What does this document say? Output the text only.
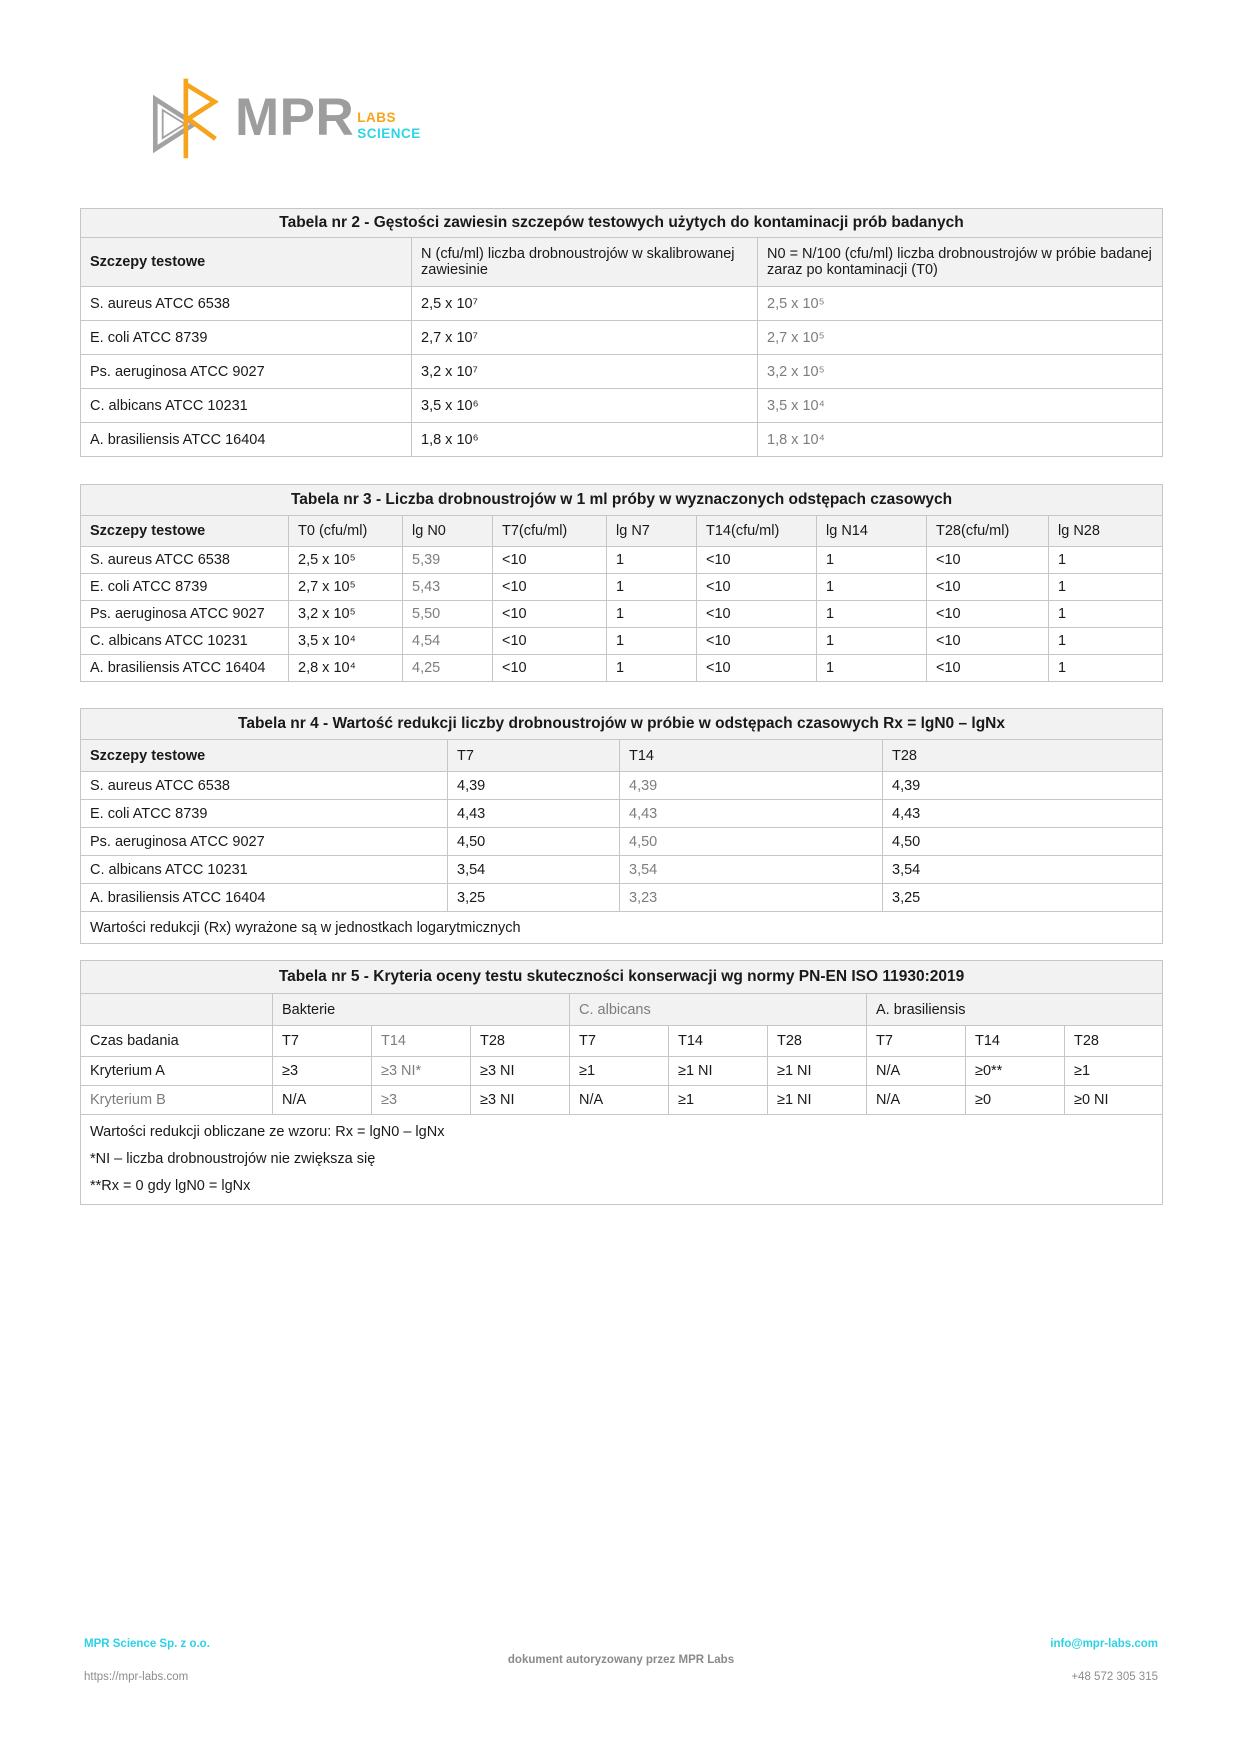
MPR LABS
SCIENCE
Tabela nr 2 - Gęstości zawiesin szczepów testowych użytych do kontaminacji prób badanych		
Szczepy testowe	N (cfu/ml) liczba drobnoustrojów w skalibrowanej zawiesinie	N0 = N/100 (cfu/ml) liczba drobnoustrojów w próbie badanej zaraz po kontaminacji (T0)
S. aureus ATCC 6538	2,5 x 10⁷	2,5 x 10⁵
E. coli ATCC 8739	2,7 x 10⁷	2,7 x 10⁵
Ps. aeruginosa ATCC 9027	3,2 x 10⁷	3,2 x 10⁵
C. albicans ATCC 10231	3,5 x 10⁶	3,5 x 10⁴
A. brasiliensis ATCC 16404	1,8 x 10⁶	1,8 x 10⁴
Tabela nr 3 - Liczba drobnoustrojów w 1 ml próby w wyznaczonych odstępach czasowych								
Szczepy testowe	T0 (cfu/ml)	lg N0	T7(cfu/ml)	lg N7	T14(cfu/ml)	lg N14	T28(cfu/ml)	lg N28
S. aureus ATCC 6538	2,5 x 10⁵	5,39	<10	1	<10	1	<10	1
E. coli ATCC 8739	2,7 x 10⁵	5,43	<10	1	<10	1	<10	1
Ps. aeruginosa ATCC 9027	3,2 x 10⁵	5,50	<10	1	<10	1	<10	1
C. albicans ATCC 10231	3,5 x 10⁴	4,54	<10	1	<10	1	<10	1
A. brasiliensis ATCC 16404	2,8 x 10⁴	4,25	<10	1	<10	1	<10	1
Tabela nr 4 - Wartość redukcji liczby drobnoustrojów w próbie w odstępach czasowych Rx = lgN0 – lgNx			
Szczepy testowe	T7	T14	T28
S. aureus ATCC 6538	4,39	4,39	4,39
E. coli ATCC 8739	4,43	4,43	4,43
Ps. aeruginosa ATCC 9027	4,50	4,50	4,50
C. albicans ATCC 10231	3,54	3,54	3,54
A. brasiliensis ATCC 16404	3,25	3,23	3,25
Wartości redukcji (Rx) wyrażone są w jednostkach logarytmicznych			
Tabela nr 5 - Kryteria oceny testu skuteczności konserwacji wg normy PN-EN ISO 11930:2019									
	Bakterie			C. albicans			A. brasiliensis		
Czas badania	T7	T14	T28	T7	T14	T28	T7	T14	T28
Kryterium A	≥3	≥3 NI*	≥3 NI	≥1	≥1 NI	≥1 NI	N/A	≥0**	≥1
Kryterium B	N/A	≥3	≥3 NI	N/A	≥1	≥1 NI	N/A	≥0	≥0 NI

Wartości redukcji obliczane ze wzoru: Rx = lgN0 – lgNx
*NI – liczba drobnoustrojów nie zwiększa się
**Rx = 0 gdy lgN0 = lgNx									
MPR Science Sp. z o.o.
https://mpr-labs.com
dokument autoryzowany przez MPR Labs
info@mpr-labs.com
+48 572 305 315
